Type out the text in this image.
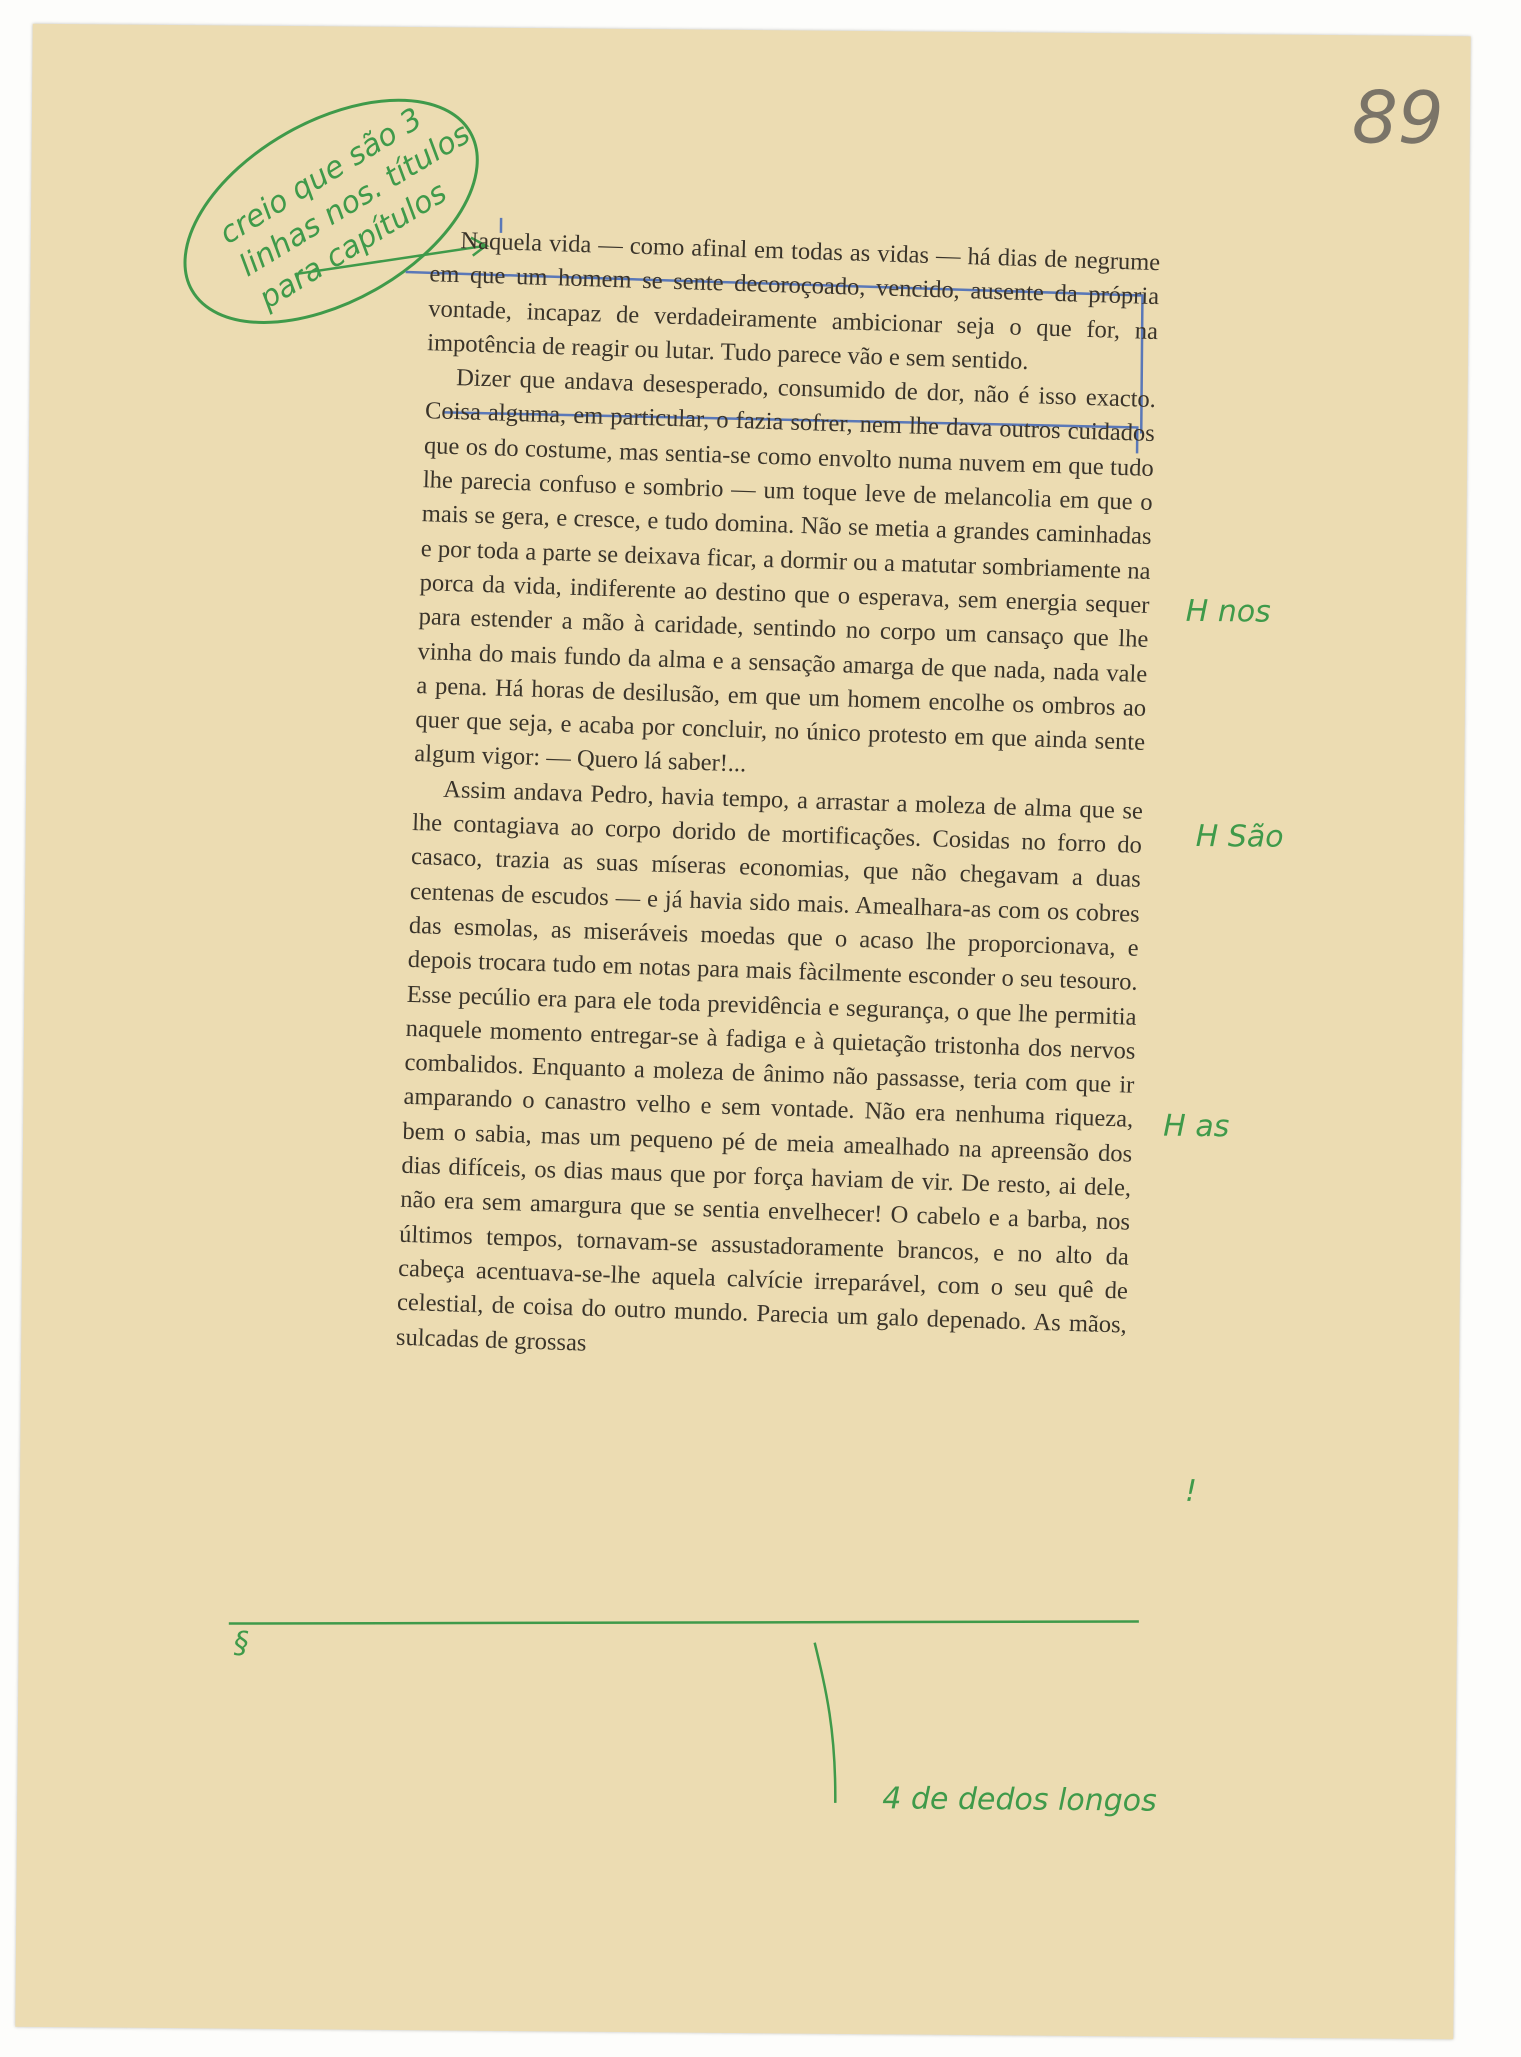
89
creio que são 3 linhas nos. títulos para capítulos
H nos
H São
H as
!
§
4 de dedos longos

Naquela vida — como afinal em todas as vidas — há dias de negrume em que um homem se sente decoroçoado, vencido, ausente da própria vontade, incapaz de verdadeiramente ambicionar seja o que for, na impotência de reagir ou lutar. Tudo parece vão e sem sentido.

Dizer que andava desesperado, consumido de dor, não é isso exacto. Coisa alguma, em particular, o fazia sofrer, nem lhe dava outros cuidados que os do costume, mas sentia-se como envolto numa nuvem em que tudo lhe parecia confuso e sombrio — um toque leve de melancolia em que o mais se gera, e cresce, e tudo domina. Não se metia a grandes caminhadas e por toda a parte se deixava ficar, a dormir ou a matutar sombriamente na porca da vida, indiferente ao destino que o esperava, sem energia sequer para estender a mão à caridade, sentindo no corpo um cansaço que lhe vinha do mais fundo da alma e a sensação amarga de que nada, nada vale a pena. Há horas de desilusão, em que um homem encolhe os ombros ao quer que seja, e acaba por concluir, no único protesto em que ainda sente algum vigor: — Quero lá saber!...

Assim andava Pedro, havia tempo, a arrastar a moleza de alma que se lhe contagiava ao corpo dorido de mortificações. Cosidas no forro do casaco, trazia as suas míseras economias, que não chegavam a duas centenas de escudos — e já havia sido mais. Amealhara-as com os cobres das esmolas, as miseráveis moedas que o acaso lhe proporcionava, e depois trocara tudo em notas para mais fàcilmente esconder o seu tesouro. Esse pecúlio era para ele toda previdência e segurança, o que lhe permitia naquele momento entregar-se à fadiga e à quietação tristonha dos nervos combalidos. Enquanto a moleza de ânimo não passasse, teria com que ir amparando o canastro velho e sem vontade. Não era nenhuma riqueza, bem o sabia, mas um pequeno pé de meia amealhado na apreensão dos dias difíceis, os dias maus que por força haviam de vir. De resto, ai dele, não era sem amargura que se sentia envelhecer! O cabelo e a barba, nos últimos tempos, tornavam-se assustadoramente brancos, e no alto da cabeça acentuava-se-lhe aquela calvície irreparável, com o seu quê de celestial, de coisa do outro mundo. Parecia um galo depenado. As mãos, sulcadas de grossas
